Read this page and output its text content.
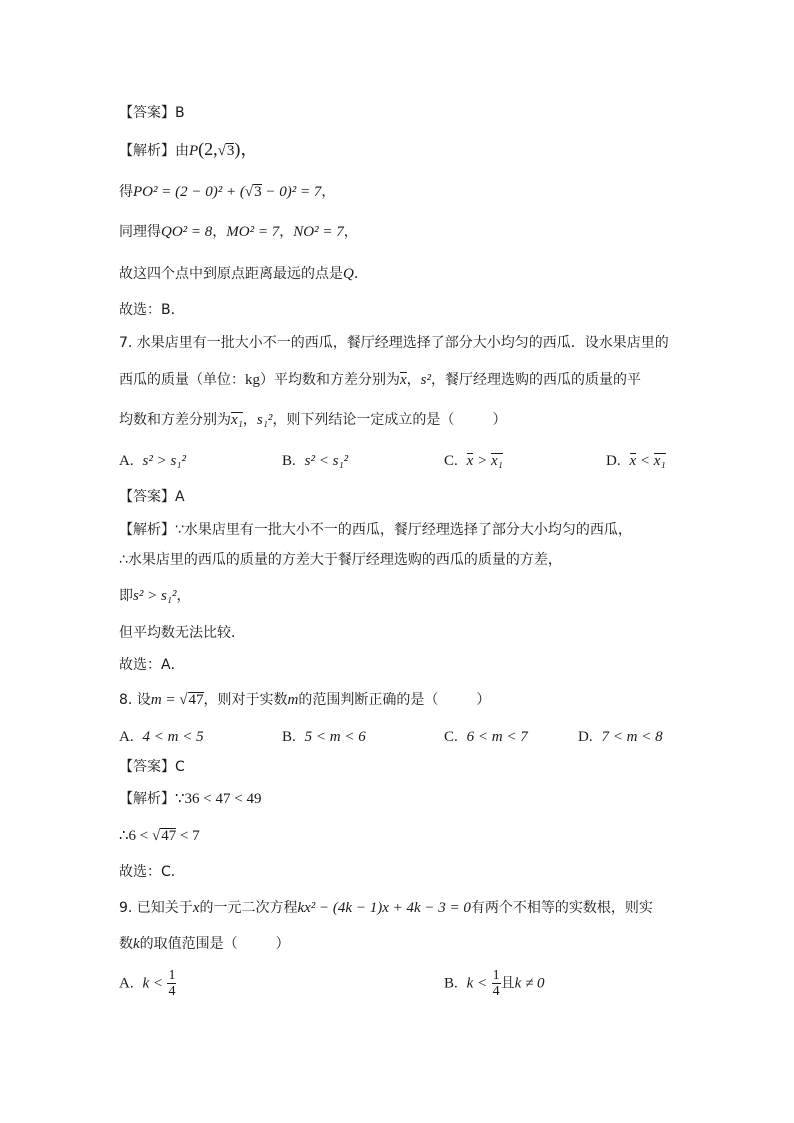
【答案】B
【解析】由P(2,√3)，
得PO² = (2 − 0)² + (√3 − 0)² = 7，
同理得QO² = 8，MO² = 7，NO² = 7，
故这四个点中到原点距离最远的点是Q．
故选：B．
7. 水果店里有一批大小不一的西瓜，餐厅经理选择了部分大小均匀的西瓜．设水果店里的
西瓜的质量（单位：kg）平均数和方差分别为x，s²，餐厅经理选购的西瓜的质量的平
均数和方差分别为x₁，s₁²，则下列结论一定成立的是（	）
A. s² > s₁²	B. s² < s₁²	C. x > x₁	D. x < x₁
【答案】A
【解析】∵水果店里有一批大小不一的西瓜，餐厅经理选择了部分大小均匀的西瓜，
∴水果店里的西瓜的质量的方差大于餐厅经理选购的西瓜的质量的方差，
即s² > s₁²，
但平均数无法比较．
故选：A．
8. 设m = √47，则对于实数m的范围判断正确的是（	）
A. 4 < m < 5	B. 5 < m < 6	C. 6 < m < 7	D. 7 < m < 8
【答案】C
【解析】∵36 < 47 < 49
∴6 < √47 < 7
故选：C．
9. 已知关于x的一元二次方程kx² − (4k − 1)x + 4k − 3 = 0有两个不相等的实数根，则实
数k的取值范围是（	）
A. $k < \frac{1}{4}$	B. $k < \frac{1}{4}$ 且k ≠ 0
